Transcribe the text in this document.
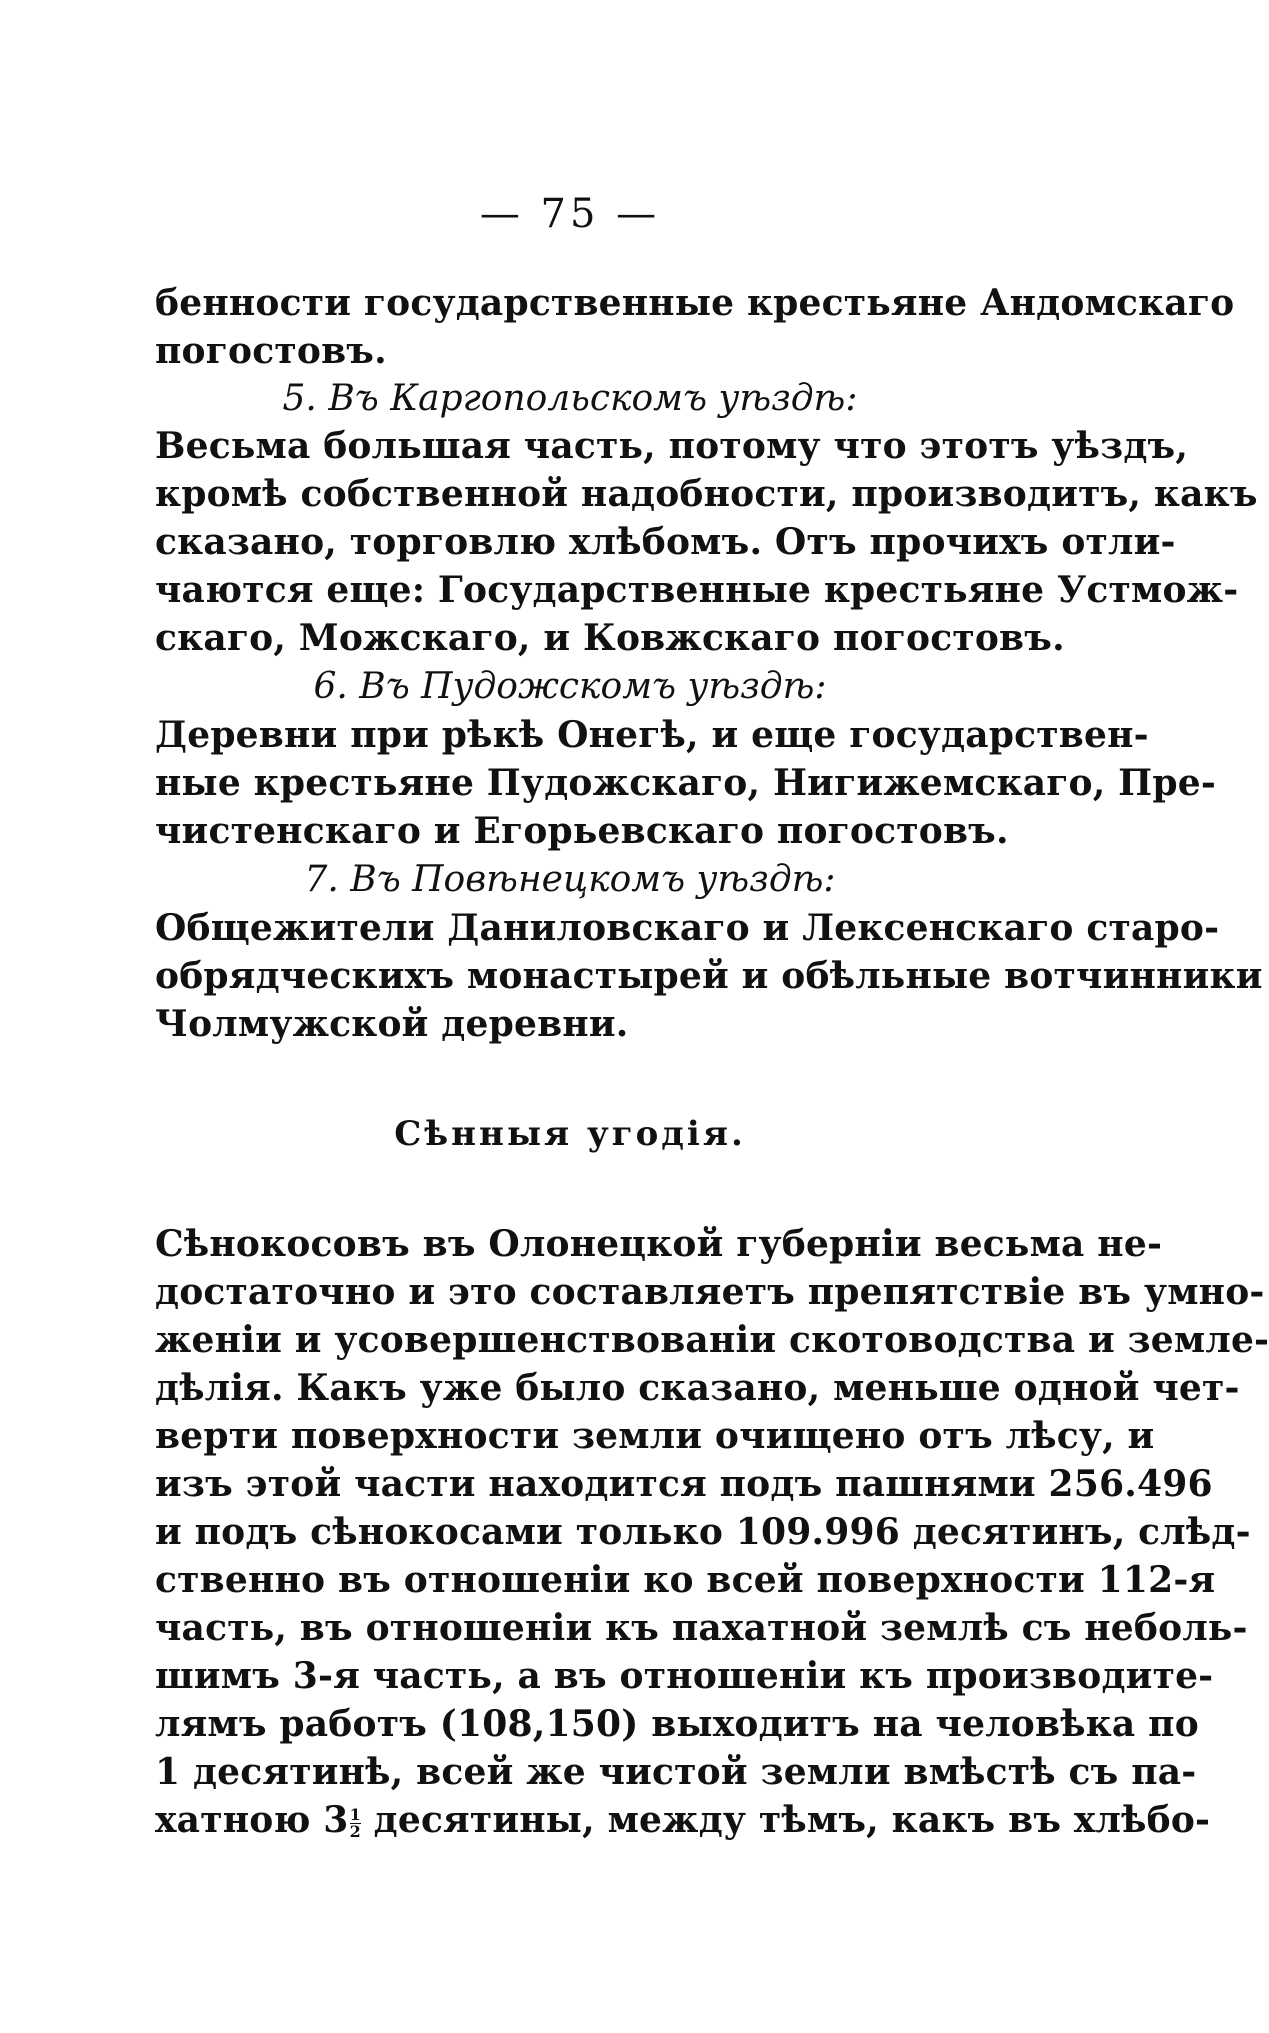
— 75 —
бенности государственные крестьяне Андомскаго
погостовъ.
5. Въ Каргопольскомъ уѣздѣ:
Весьма большая часть, потому что этотъ уѣздъ,
кромѣ собственной надобности, производитъ, какъ
сказано, торговлю хлѣбомъ. Отъ прочихъ отли-
чаются еще: Государственные крестьяне Устмож-
скаго, Можскаго, и Ковжскаго погостовъ.
6. Въ Пудожскомъ уѣздѣ:
Деревни при рѣкѣ Онегѣ, и еще государствен-
ные крестьяне Пудожскаго, Нигижемскаго, Пре-
чистенскаго и Егорьевскаго погостовъ.
7. Въ Повѣнецкомъ уѣздѣ:
Общежители Даниловскаго и Лексенскаго старо-
обрядческихъ монастырей и обѣльные вотчинники
Чолмужской деревни.
Сѣнныя угодія.
Сѣнокосовъ въ Олонецкой губерніи весьма не-
достаточно и это составляетъ препятствіе въ умно-
женіи и усовершенствованіи скотоводства и земле-
дѣлія. Какъ уже было сказано, меньше одной чет-
верти поверхности земли очищено отъ лѣсу, и
изъ этой части находится подъ пашнями 256.496
и подъ сѣнокосами только 109.996 десятинъ, слѣд-
ственно въ отношеніи ко всей поверхности 112-я
часть, въ отношеніи къ пахатной землѣ съ неболь-
шимъ 3-я часть, а въ отношеніи къ производите-
лямъ работъ (108,150) выходитъ на человѣка по
1 десятинѣ, всей же чистой земли вмѣстѣ съ па-
хатною $3 \frac{1}{2}$ десятины, между тѣмъ, какъ въ хлѣбо-
